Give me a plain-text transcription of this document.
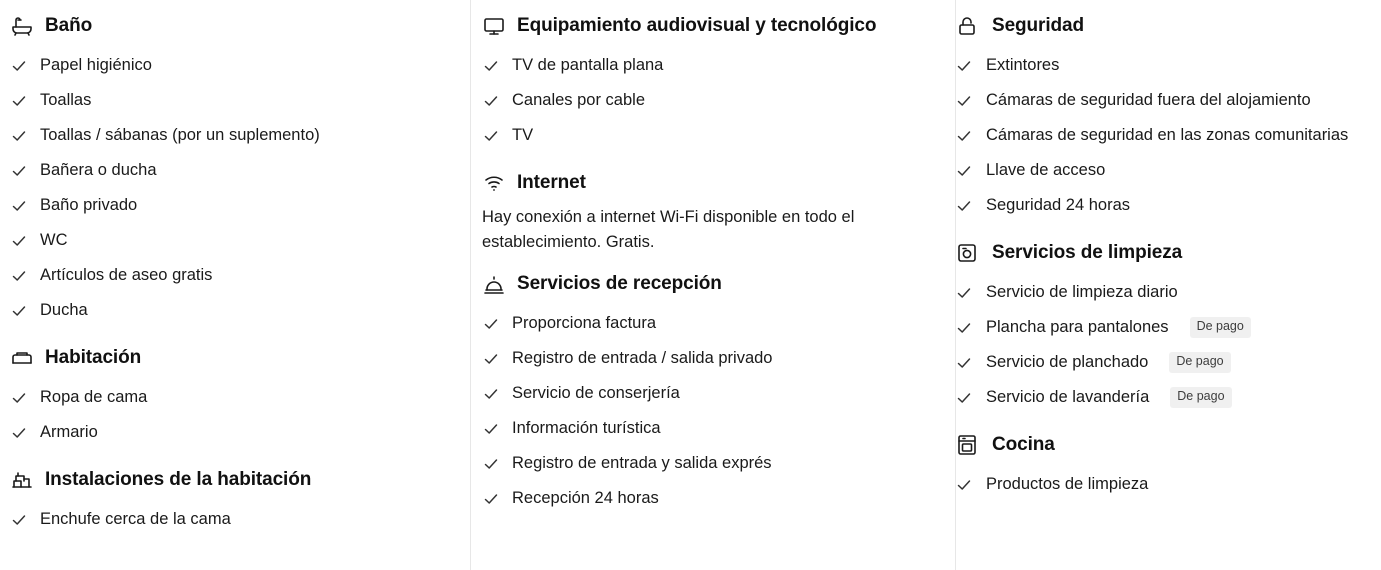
Baño
Papel higiénico
Toallas
Toallas / sábanas (por un suplemento)
Bañera o ducha
Baño privado
WC
Artículos de aseo gratis
Ducha
Habitación
Ropa de cama
Armario
Instalaciones de la habitación
Enchufe cerca de la cama
Equipamiento audiovisual y tecnológico
TV de pantalla plana
Canales por cable
TV
Internet

Hay conexión a internet Wi-Fi disponible en todo el establecimiento. Gratis.

Servicios de recepción
Proporciona factura
Registro de entrada / salida privado
Servicio de conserjería
Información turística
Registro de entrada y salida exprés
Recepción 24 horas
Seguridad
Extintores
Cámaras de seguridad fuera del alojamiento
Cámaras de seguridad en las zonas comunitarias
Llave de acceso
Seguridad 24 horas
Servicios de limpieza
Servicio de limpieza diario
Plancha para pantalones	De pago
Servicio de planchado	De pago
Servicio de lavandería	De pago
Cocina
Productos de limpieza
